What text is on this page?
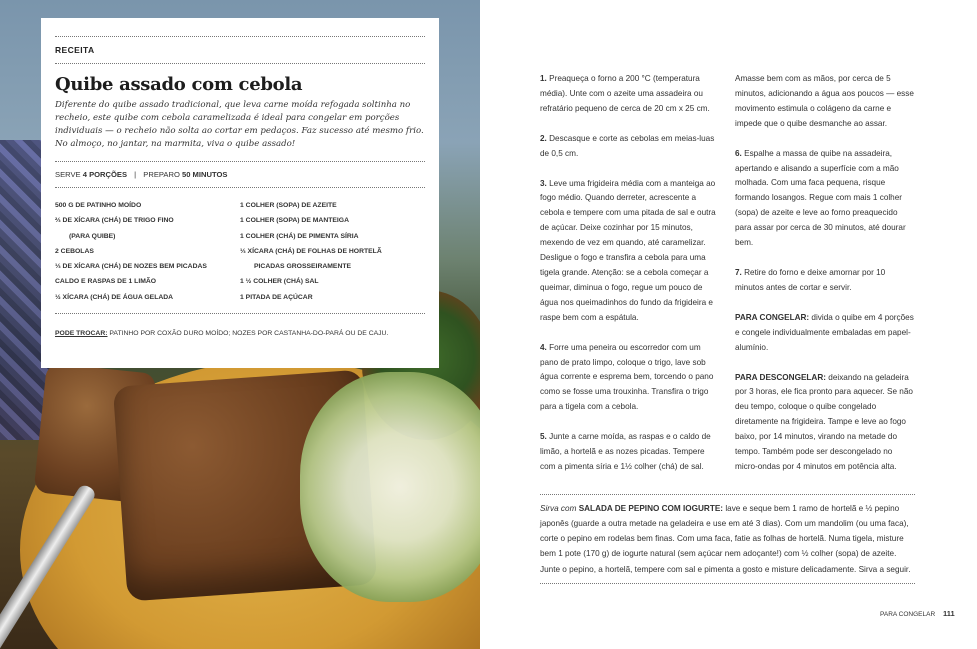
RECEITA
Quibe assado com cebola
Diferente do quibe assado tradicional, que leva carne moída refogada soltinha no recheio, este quibe com cebola caramelizada é ideal para congelar em porções individuais — o recheio não solta ao cortar em pedaços. Faz sucesso até mesmo frio. No almoço, no jantar, na marmita, viva o quibe assado!
SERVE 4 PORÇÕES | PREPARO 50 MINUTOS
500 G DE PATINHO MOÍDO
⅔ DE XÍCARA (CHÁ) DE TRIGO FINO
(PARA QUIBE)
2 CEBOLAS
⅓ DE XÍCARA (CHÁ) DE NOZES BEM PICADAS
CALDO E RASPAS DE 1 LIMÃO
½ XÍCARA (CHÁ) DE ÁGUA GELADA
1 COLHER (SOPA) DE AZEITE
1 COLHER (SOPA) DE MANTEIGA
1 COLHER (CHÁ) DE PIMENTA SÍRIA
⅓ XÍCARA (CHÁ) DE FOLHAS DE HORTELÃ
PICADAS GROSSEIRAMENTE
1 ½ COLHER (CHÁ) SAL
1 PITADA DE AÇÚCAR
PODE TROCAR: PATINHO POR COXÃO DURO MOÍDO; NOZES POR CASTANHA-DO-PARÁ OU DE CAJU.
1. Preaqueça o forno a 200 °C (temperatura média). Unte com o azeite uma assadeira ou refratário pequeno de cerca de 20 cm x 25 cm.
2. Descasque e corte as cebolas em meias-luas de 0,5 cm.
3. Leve uma frigideira média com a manteiga ao fogo médio. Quando derreter, acrescente a cebola e tempere com uma pitada de sal e outra de açúcar. Deixe cozinhar por 15 minutos, mexendo de vez em quando, até caramelizar. Desligue o fogo e transfira a cebola para uma tigela grande. Atenção: se a cebola começar a queimar, diminua o fogo, regue um pouco de água nos queimadinhos do fundo da frigideira e raspe bem com a espátula.
4. Forre uma peneira ou escorredor com um pano de prato limpo, coloque o trigo, lave sob água corrente e esprema bem, torcendo o pano como se fosse uma trouxinha. Transfira o trigo para a tigela com a cebola.
5. Junte a carne moída, as raspas e o caldo de limão, a hortelã e as nozes picadas. Tempere com a pimenta síria e 1½ colher (chá) de sal.
Amasse bem com as mãos, por cerca de 5 minutos, adicionando a água aos poucos — esse movimento estimula o colágeno da carne e impede que o quibe desmanche ao assar.
6. Espalhe a massa de quibe na assadeira, apertando e alisando a superfície com a mão molhada. Com uma faca pequena, risque formando losangos. Regue com mais 1 colher (sopa) de azeite e leve ao forno preaquecido para assar por cerca de 30 minutos, até dourar bem.
7. Retire do forno e deixe amornar por 10 minutos antes de cortar e servir.
PARA CONGELAR: divida o quibe em 4 porções e congele individualmente embaladas em papel-alumínio.
PARA DESCONGELAR: deixando na geladeira por 3 horas, ele fica pronto para aquecer. Se não deu tempo, coloque o quibe congelado diretamente na frigideira. Tampe e leve ao fogo baixo, por 14 minutos, virando na metade do tempo. Também pode ser descongelado no micro-ondas por 4 minutos em potência alta.
Sirva com SALADA DE PEPINO COM IOGURTE: lave e seque bem 1 ramo de hortelã e ½ pepino japonês (guarde a outra metade na geladeira e use em até 3 dias). Com um mandolim (ou uma faca), corte o pepino em rodelas bem finas. Com uma faca, fatie as folhas de hortelã. Numa tigela, misture bem 1 pote (170 g) de iogurte natural (sem açúcar nem adoçante!) com ½ colher (sopa) de azeite. Junte o pepino, a hortelã, tempere com sal e pimenta a gosto e misture delicadamente. Sirva a seguir.
PARA CONGELAR 111
